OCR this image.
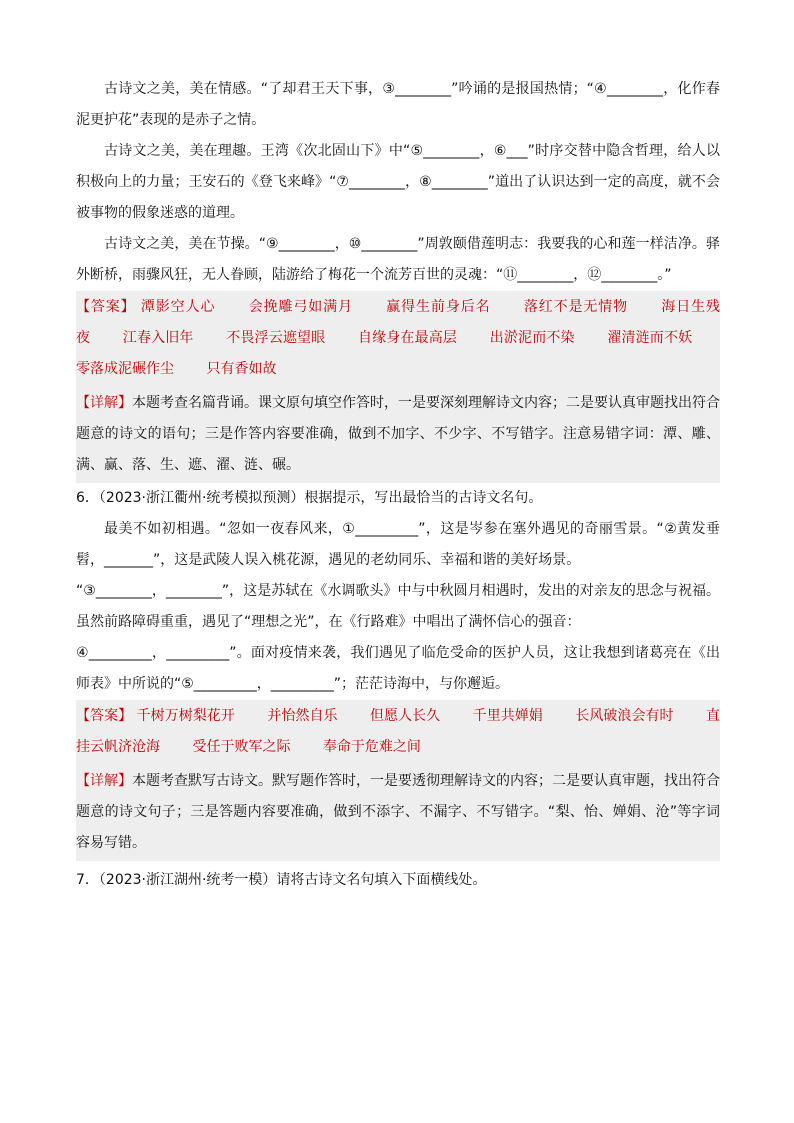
古诗文之美，美在情感。“了却君王天下事，③________”吟诵的是报国热情；“④________，化作春泥更护花”表现的是赤子之情。

古诗文之美，美在理趣。王湾《次北固山下》中“⑤________，⑥___”时序交替中隐含哲理，给人以积极向上的力量；王安石的《登飞来峰》“⑦________，⑧________”道出了认识达到一定的高度，就不会被事物的假象迷惑的道理。

古诗文之美，美在节操。“⑨________，⑩________”周敦颐借莲明志：我要我的心和莲一样洁净。驿外断桥，雨骤风狂，无人眷顾，陆游给了梅花一个流芳百世的灵魂：“⑪________，⑫________。”

【答案】 潭影空人心 会挽雕弓如满月 赢得生前身后名 落红不是无情物 海日生残夜 江春入旧年 不畏浮云遮望眼 自缘身在最高层 出淤泥而不染 濯清涟而不妖 零落成泥碾作尘 只有香如故

【详解】本题考查名篇背诵。课文原句填空作答时，一是要深刻理解诗文内容；二是要认真审题找出符合题意的诗文的语句；三是作答内容要准确，做到不加字、不少字、不写错字。注意易错字词：潭、雕、满、赢、落、生、遮、濯、涟、碾。

6．（2023·浙江衢州·统考模拟预测）根据提示，写出最恰当的古诗文名句。

最美不如初相遇。“忽如一夜春风来，①_________”，这是岑参在塞外遇见的奇丽雪景。“②黄发垂髫，_______”，这是武陵人误入桃花源，遇见的老幼同乐、幸福和谐的美好场景。

“③________，________”，这是苏轼在《水调歌头》中与中秋圆月相遇时，发出的对亲友的思念与祝福。虽然前路障碍重重，遇见了“理想之光”，在《行路难》中唱出了满怀信心的强音：

④_________，_________”。面对疫情来袭，我们遇见了临危受命的医护人员，这让我想到诸葛亮在《出师表》中所说的“⑤_________，_________”；茫茫诗海中，与你邂逅。

【答案】 千树万树梨花开 并怡然自乐 但愿人长久 千里共婵娟 长风破浪会有时 直挂云帆济沧海 受任于败军之际 奉命于危难之间

【详解】本题考查默写古诗文。默写题作答时，一是要透彻理解诗文的内容；二是要认真审题，找出符合题意的诗文句子；三是答题内容要准确，做到不添字、不漏字、不写错字。“梨、怡、婵娟、沧”等字词容易写错。

7．（2023·浙江湖州·统考一模）请将古诗文名句填入下面横线处。
